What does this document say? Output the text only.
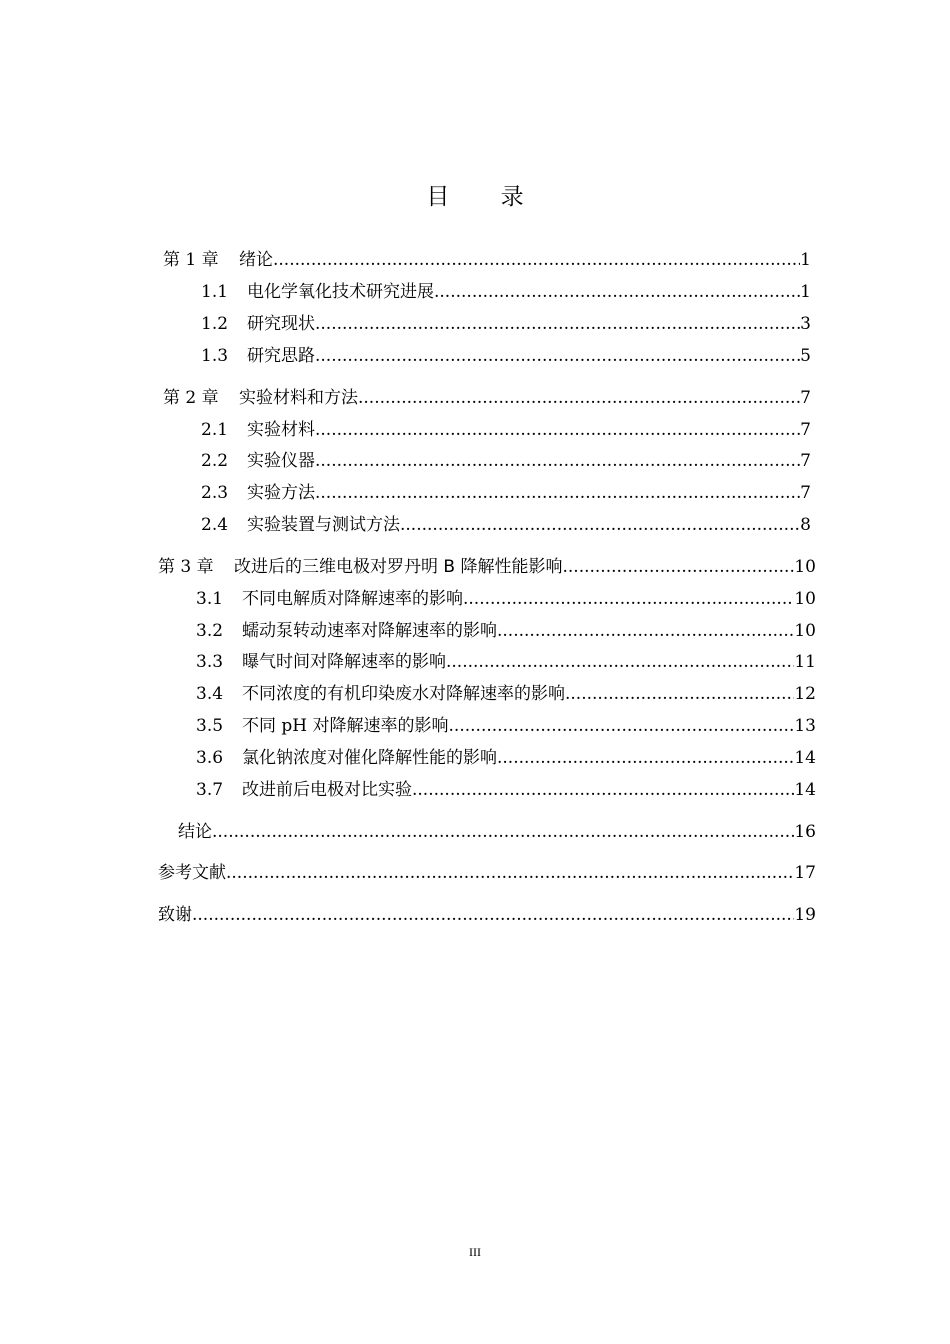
目 录
第 1 章	绪论 .....	1
1.1	电化学氧化技术研究进展 .....	1
1.2	研究现状 .....	3
1.3	研究思路 .....	5
第 2 章	实验材料和方法 .....	7
2.1	实验材料 .....	7
2.2	实验仪器 .....	7
2.3	实验方法 .....	7
2.4	实验装置与测试方法 .....	8
第 3 章	改进后的三维电极对罗丹明 B 降解性能影响 .....	10
3.1	不同电解质对降解速率的影响 .....	10
3.2	蠕动泵转动速率对降解速率的影响 .....	10
3.3	曝气时间对降解速率的影响 .....	11
3.4	不同浓度的有机印染废水对降解速率的影响 .....	12
3.5	不同 pH 对降解速率的影响 .....	13
3.6	氯化钠浓度对催化降解性能的影响 .....	14
3.7	改进前后电极对比实验 .....	14
结论 .....	16
参考文献 .....	17
致谢 .....	19
III
